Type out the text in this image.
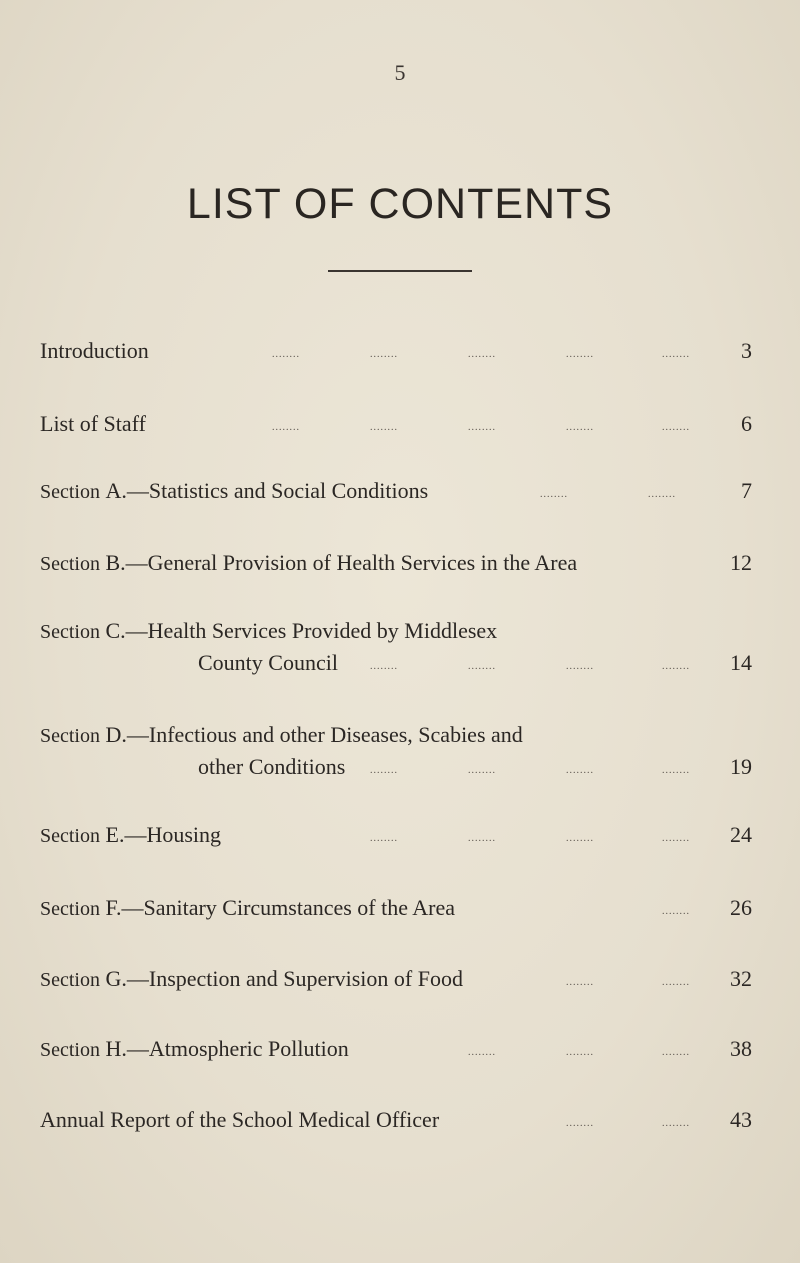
5
LIST OF CONTENTS
Introduction	........	........	........	........	........ 3
List of Staff	........	........	........	........	........ 6
Section A.—Statistics and Social Conditions	........	........	7
Section B.—General Provision of Health Services in the Area	12
Section C.—Health Services Provided by Middlesex
County Council	........	........	........	........ 14
Section D.—Infectious and other Diseases, Scabies and
other Conditions ........	........	........	........ 19
Section E.—Housing	........	........	........	........ 24
Section F.—Sanitary Circumstances of the Area	........ 26
Section G.—Inspection and Supervision of Food	........	........ 32
Section H.—Atmospheric Pollution	........	........	........ 38
Annual Report of the School Medical Officer	........	........ 43
